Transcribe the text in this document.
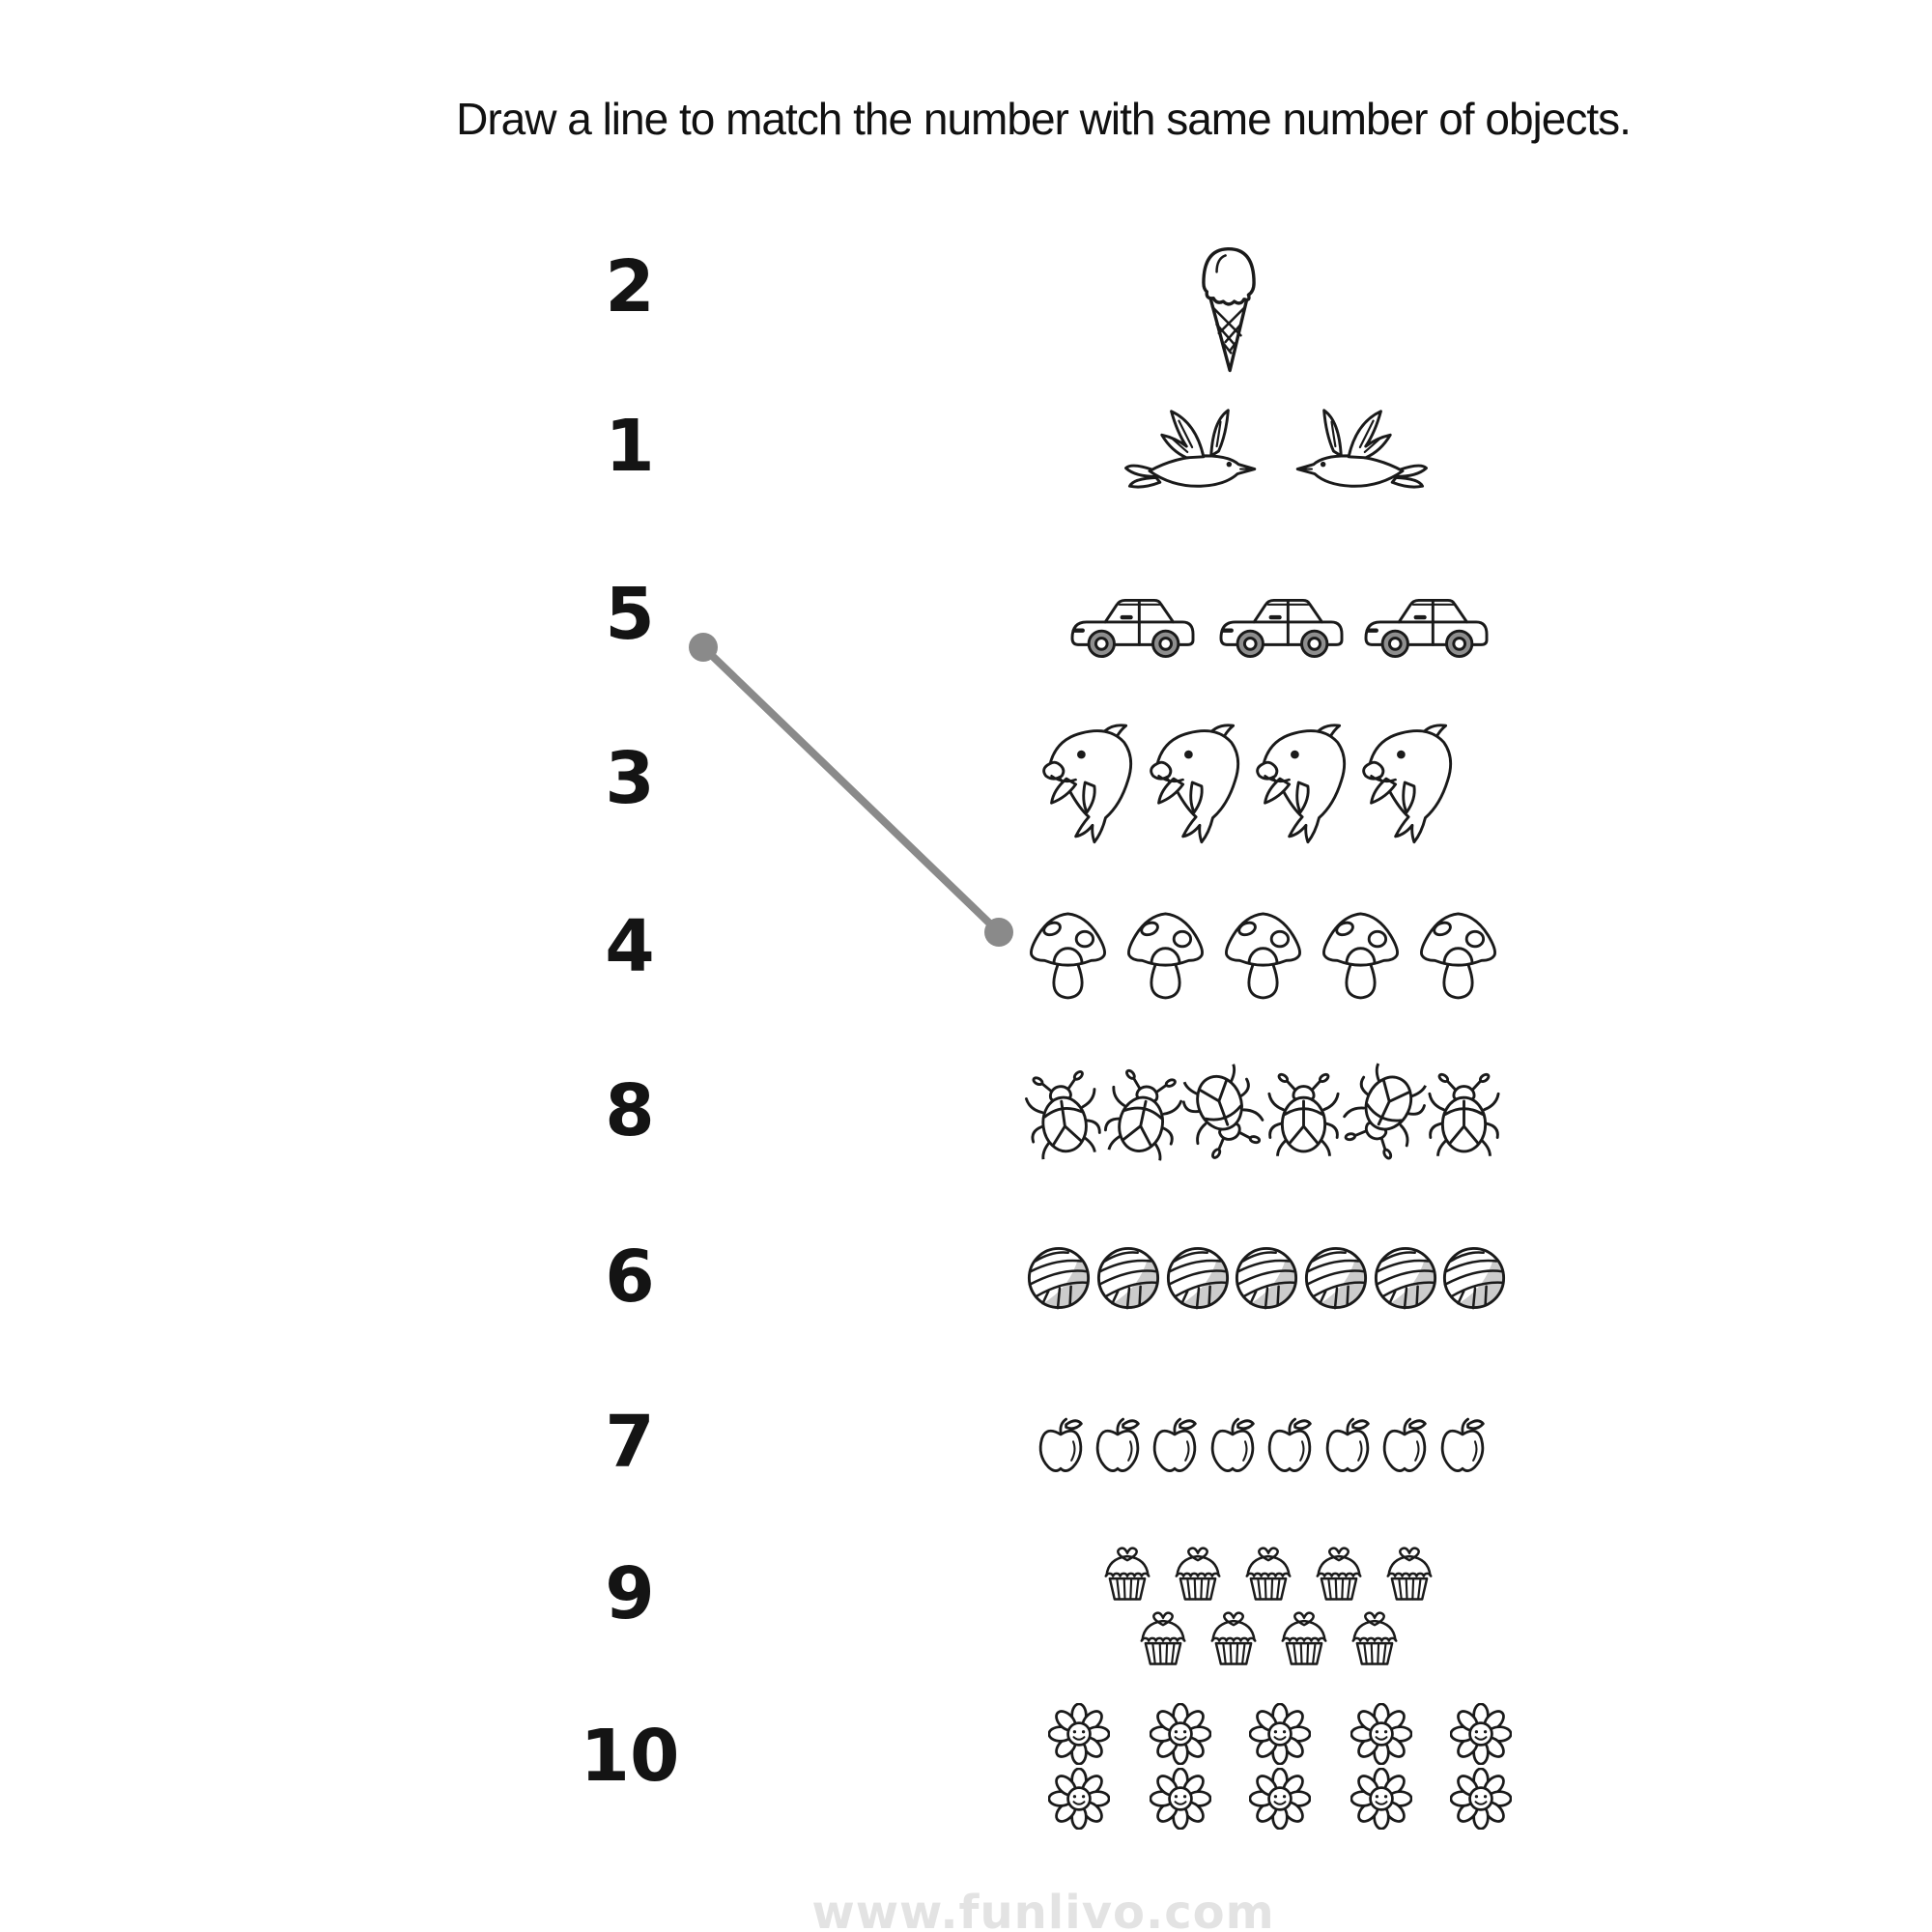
Draw a line to match the number with same number of objects.
2
1
5
3
4
8
6
7
9
10
www.funlivo.com
